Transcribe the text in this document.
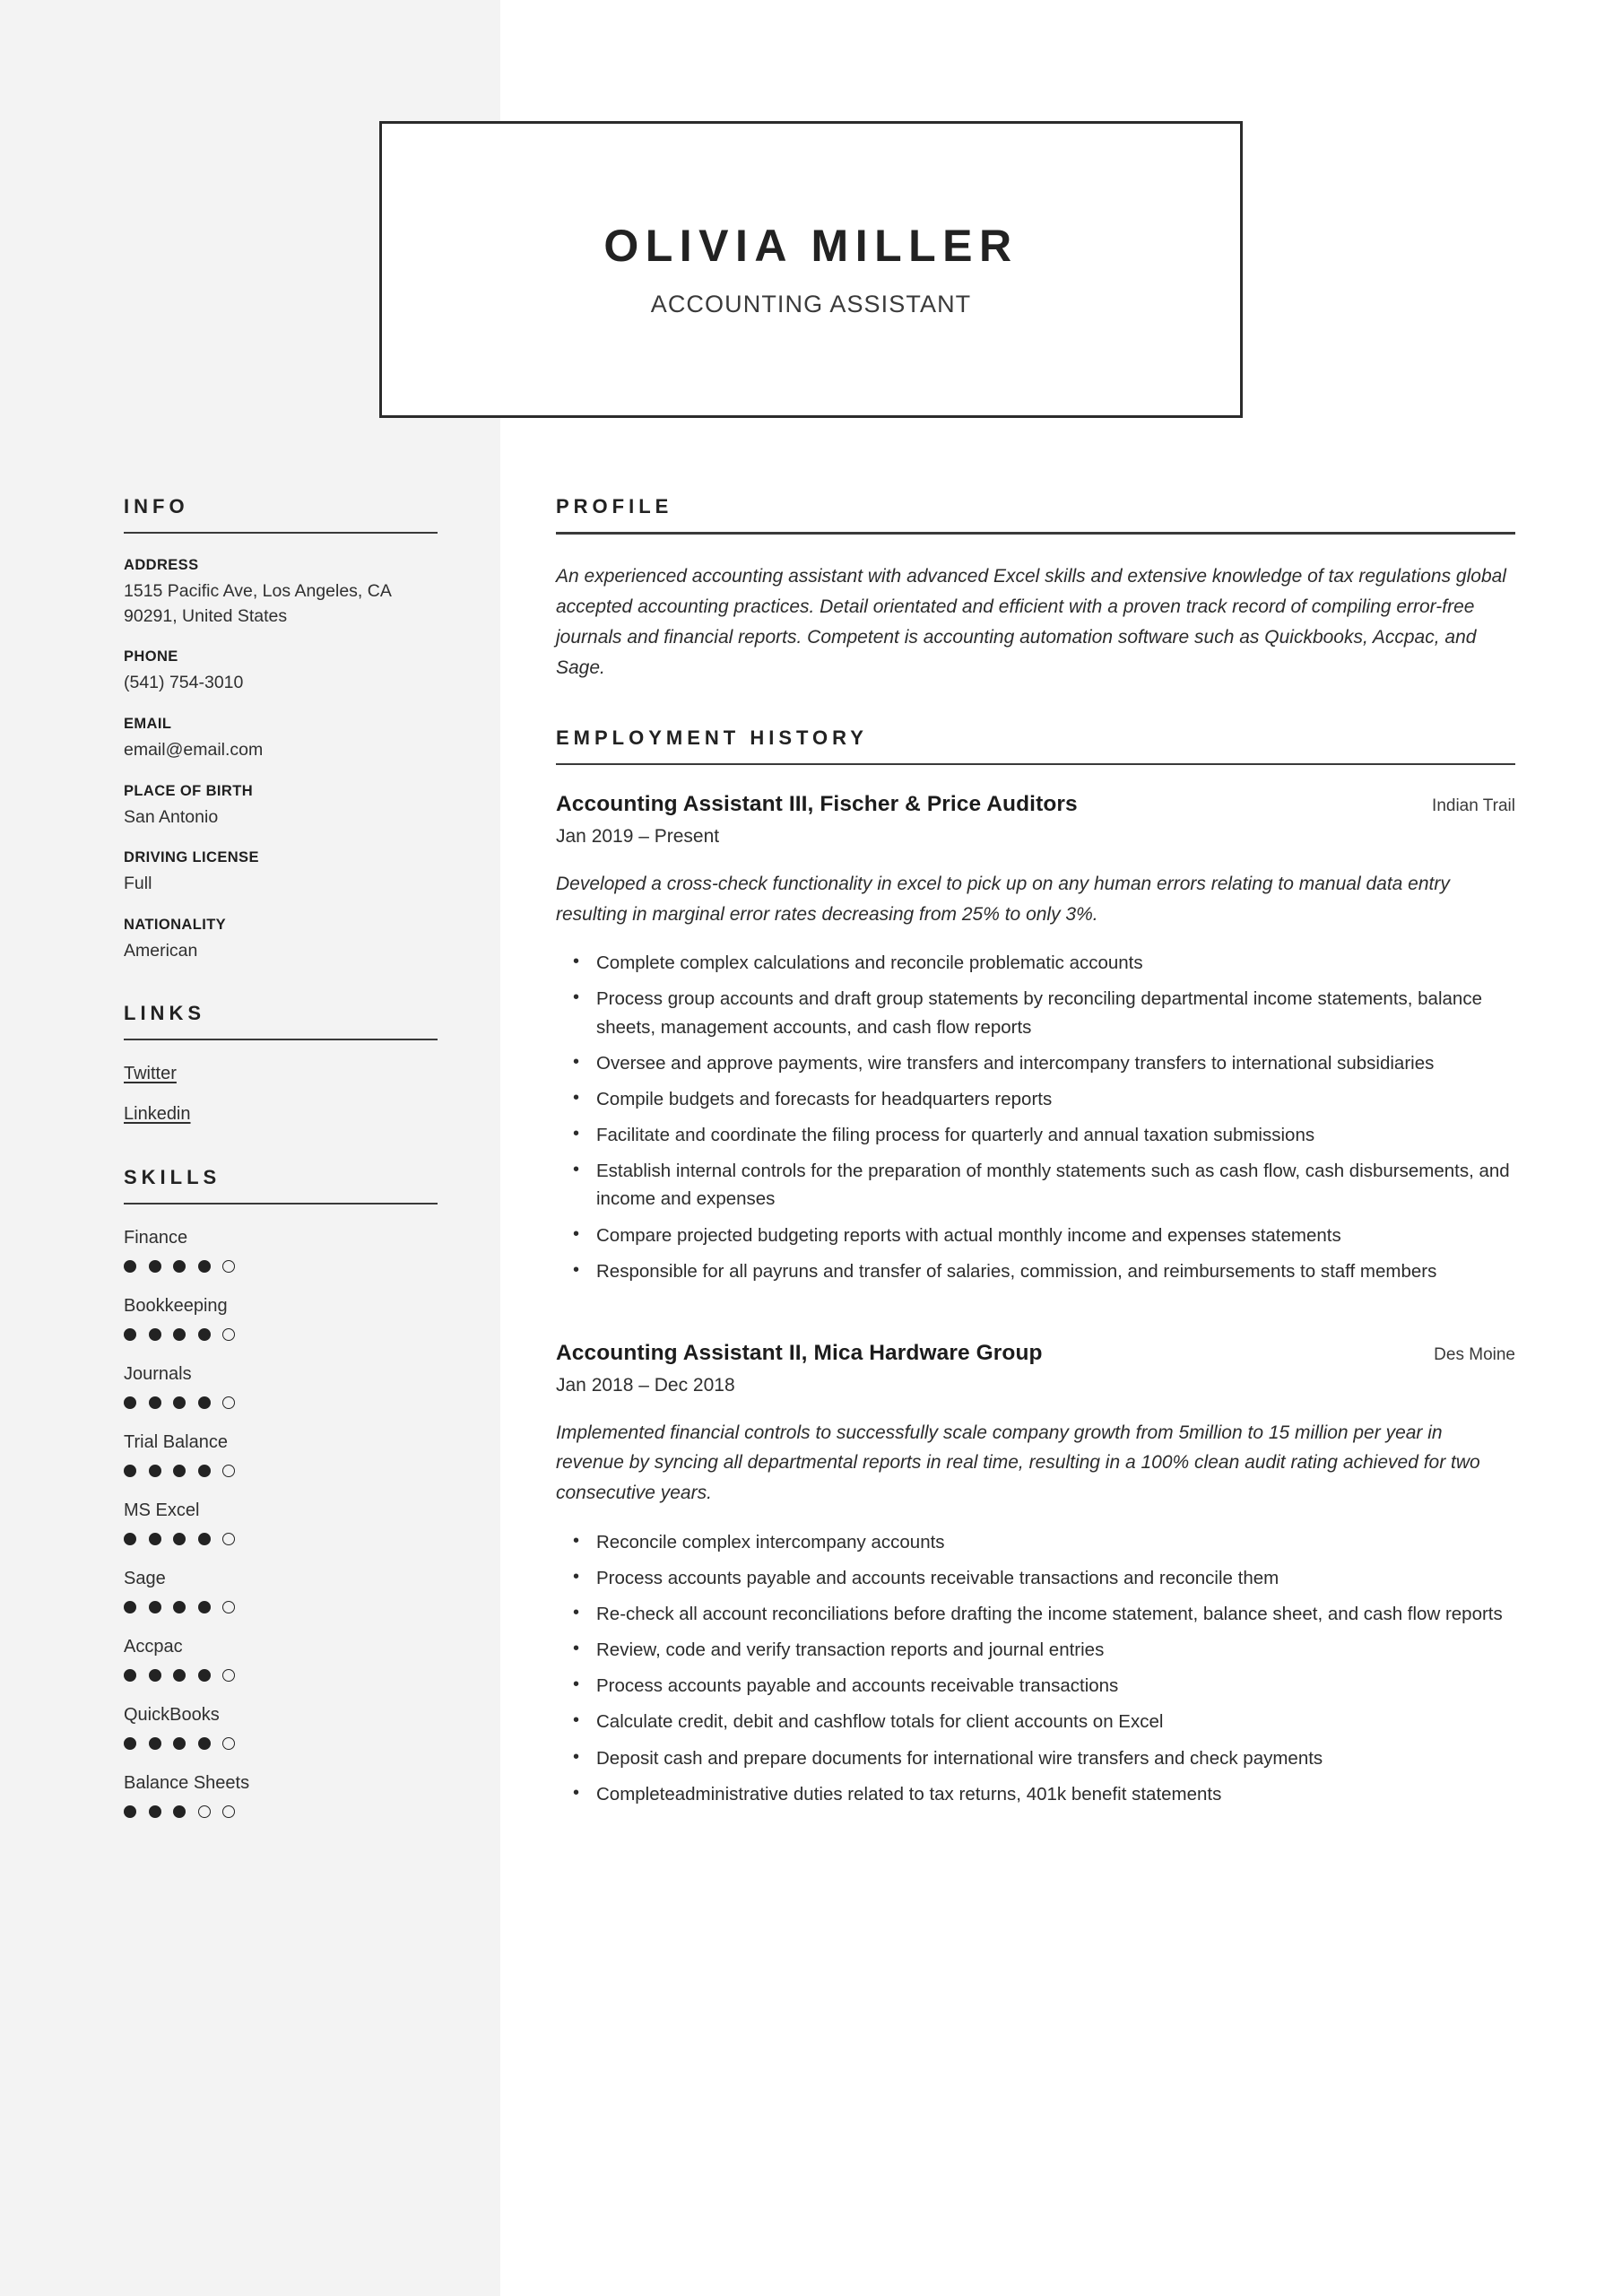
OLIVIA MILLER
ACCOUNTING ASSISTANT
INFO
ADDRESS
1515 Pacific Ave, Los Angeles, CA 90291, United States
PHONE
(541) 754-3010
EMAIL
email@email.com
PLACE OF BIRTH
San Antonio
DRIVING LICENSE
Full
NATIONALITY
American
LINKS
Twitter
Linkedin
SKILLS
Finance
Bookkeeping
Journals
Trial Balance
MS Excel
Sage
Accpac
QuickBooks
Balance Sheets
PROFILE
An experienced accounting assistant with advanced Excel skills and extensive knowledge of tax regulations global accepted accounting practices. Detail orientated and efficient with a proven track record of compiling error-free journals and financial reports. Competent is accounting automation software such as Quickbooks, Accpac, and Sage.
EMPLOYMENT HISTORY
Accounting Assistant III, Fischer & Price Auditors	Indian Trail
Jan 2019 – Present
Developed a cross-check functionality in excel to pick up on any human errors relating to manual data entry resulting in marginal error rates decreasing from 25% to only 3%.
• Complete complex calculations and reconcile problematic accounts
• Process group accounts and draft group statements by reconciling departmental income statements, balance sheets, management accounts, and cash flow reports
• Oversee and approve payments, wire transfers and intercompany transfers to international subsidiaries
• Compile budgets and forecasts for headquarters reports
• Facilitate and coordinate the filing process for quarterly and annual taxation submissions
• Establish internal controls for the preparation of monthly statements such as cash flow, cash disbursements, and income and expenses
• Compare projected budgeting reports with actual monthly income and expenses statements
• Responsible for all payruns and transfer of salaries, commission, and reimbursements to staff members
Accounting Assistant II, Mica Hardware Group	Des Moine
Jan 2018 – Dec 2018
Implemented financial controls to successfully scale company growth from 5million to 15 million per year in revenue by syncing all departmental reports in real time, resulting in a 100% clean audit rating achieved for two consecutive years.
• Reconcile complex intercompany accounts
• Process accounts payable and accounts receivable transactions and reconcile them
• Re-check all account reconciliations before drafting the income statement, balance sheet, and cash flow reports
• Review, code and verify transaction reports and journal entries
• Process accounts payable and accounts receivable transactions
• Calculate credit, debit and cashflow totals for client accounts on Excel
• Deposit cash and prepare documents for international wire transfers and check payments
• Completeadministrative duties related to tax returns, 401k benefit statements
